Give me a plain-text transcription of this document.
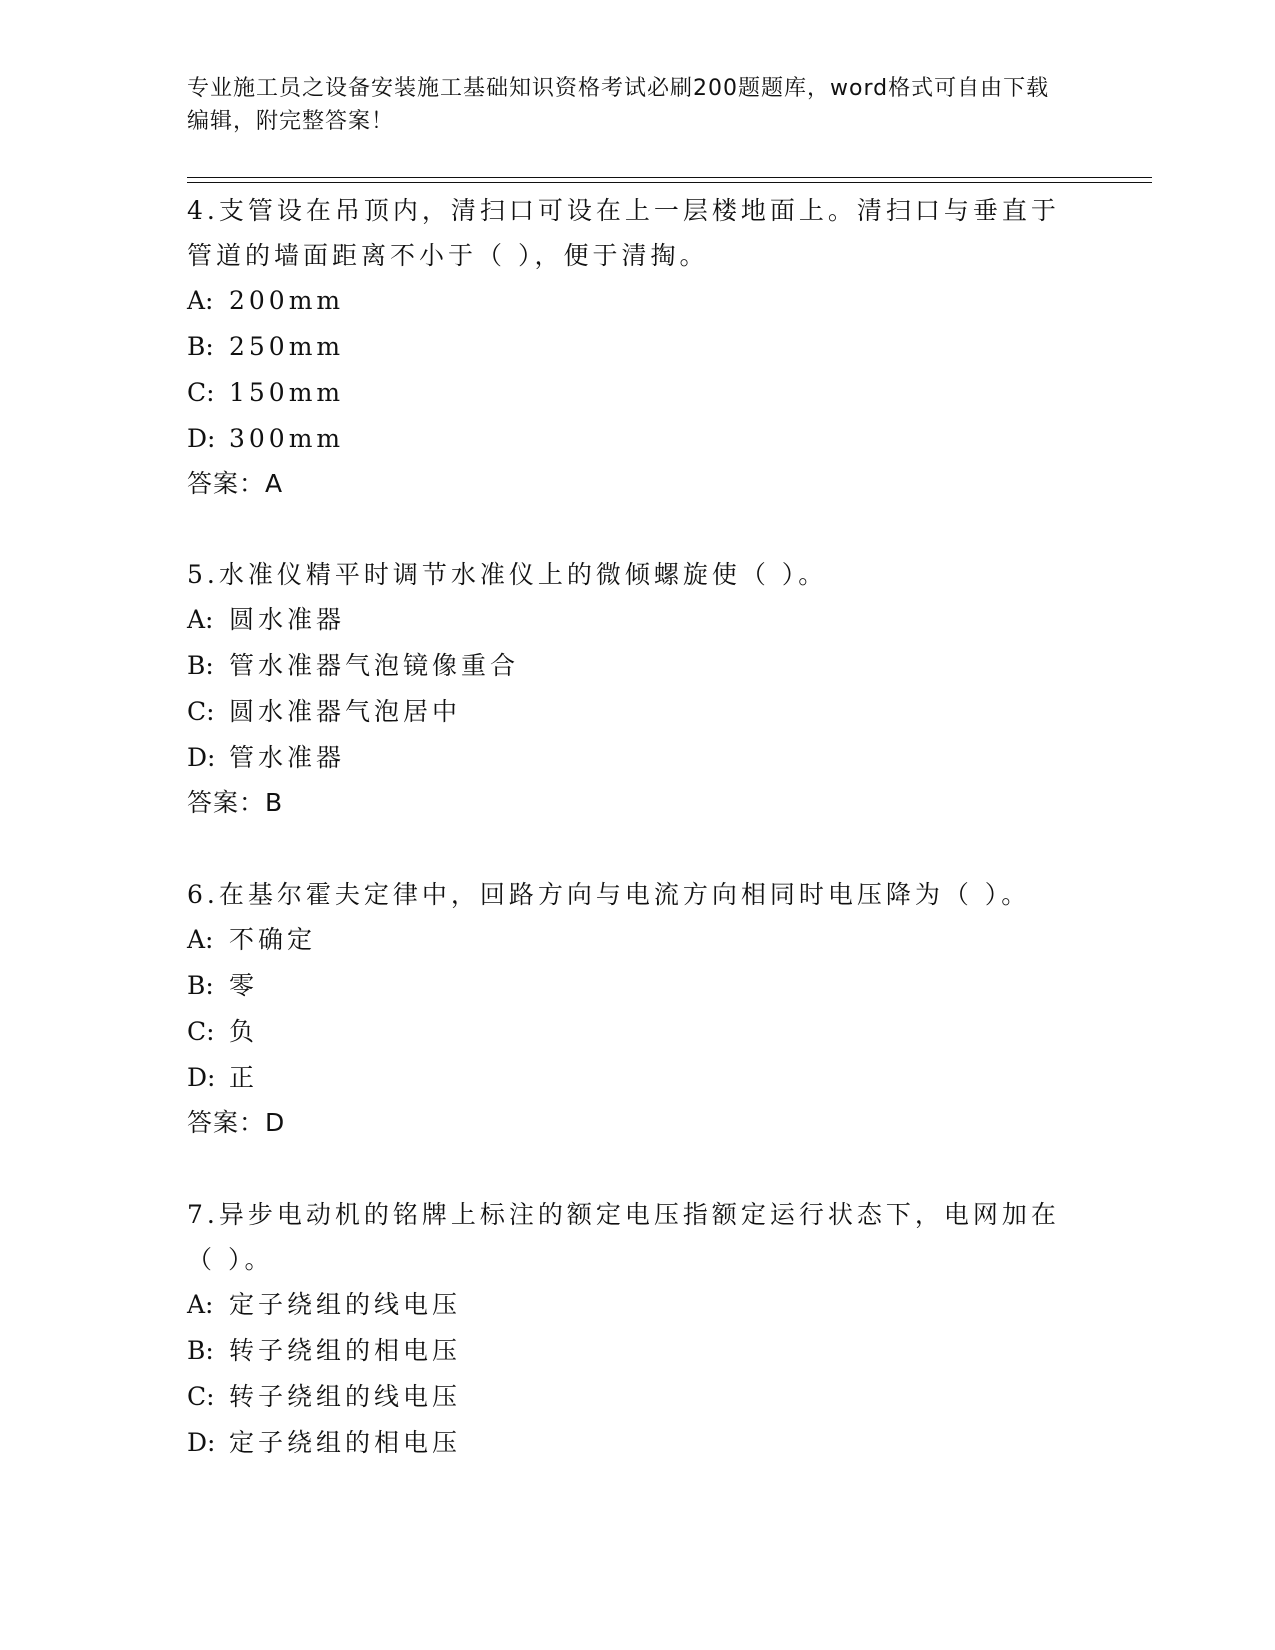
专业施工员之设备安装施工基础知识资格考试必刷200题题库，word格式可自由下载编辑，附完整答案！

4.支管设在吊顶内，清扫口可设在上一层楼地面上。清扫口与垂直于管道的墙面距离不小于（ ），便于清掏。

A: 200mm
B: 250mm
C: 150mm
D: 300mm
答案：A

5.水准仪精平时调节水准仪上的微倾螺旋使（ ）。

A: 圆水准器
B: 管水准器气泡镜像重合
C: 圆水准器气泡居中
D: 管水准器
答案：B

6.在基尔霍夫定律中，回路方向与电流方向相同时电压降为（ ）。

A: 不确定
B: 零
C: 负
D: 正
答案：D

7.异步电动机的铭牌上标注的额定电压指额定运行状态下，电网加在（ ）。

A: 定子绕组的线电压
B: 转子绕组的相电压
C: 转子绕组的线电压
D: 定子绕组的相电压
